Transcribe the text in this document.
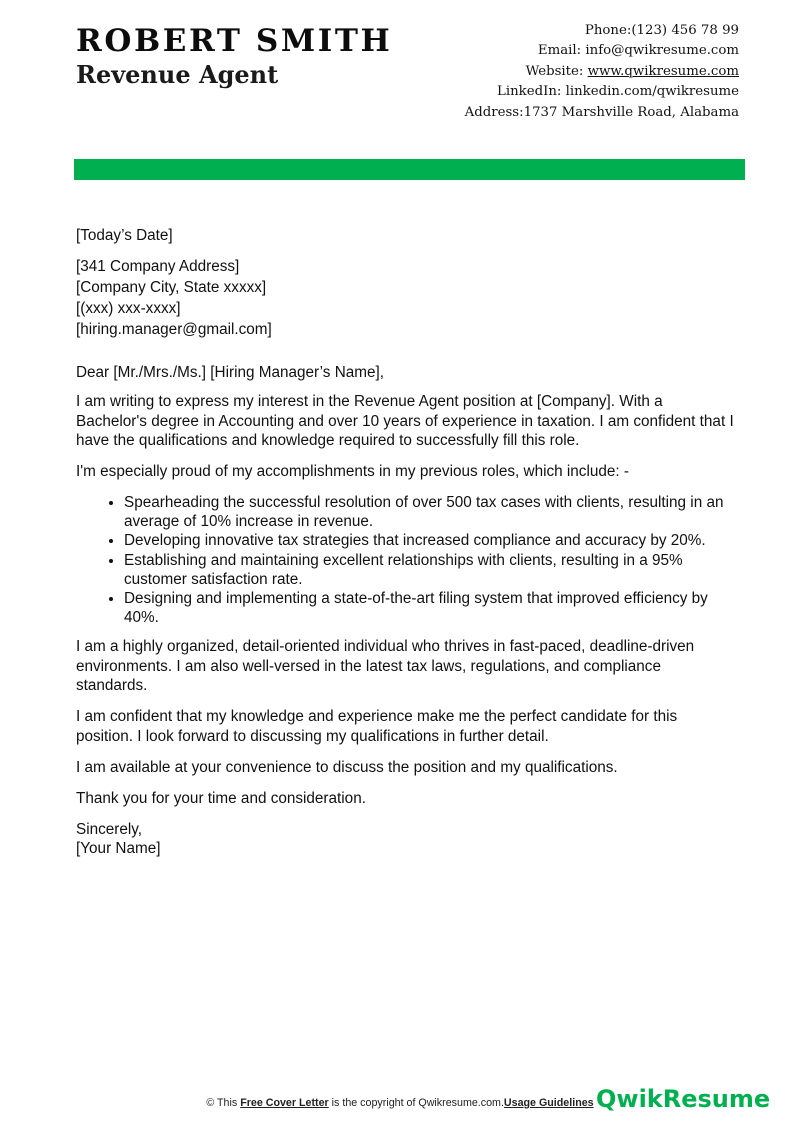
ROBERT SMITH
Revenue Agent
Phone:(123) 456 78 99
Email: info@qwikresume.com
Website: www.qwikresume.com
LinkedIn: linkedin.com/qwikresume
Address:1737 Marshville Road, Alabama

[Today’s Date]

[341 Company Address]
[Company City, State xxxxx]
[(xxx) xxx-xxxx]
[hiring.manager@gmail.com]

Dear [Mr./Mrs./Ms.] [Hiring Manager’s Name],

I am writing to express my interest in the Revenue Agent position at [Company]. With a Bachelor's degree in Accounting and over 10 years of experience in taxation. I am confident that I have the qualifications and knowledge required to successfully fill this role.

I'm especially proud of my accomplishments in my previous roles, which include: -

• Spearheading the successful resolution of over 500 tax cases with clients, resulting in an average of 10% increase in revenue.
• Developing innovative tax strategies that increased compliance and accuracy by 20%.
• Establishing and maintaining excellent relationships with clients, resulting in a 95% customer satisfaction rate.
• Designing and implementing a state-of-the-art filing system that improved efficiency by 40%.

I am a highly organized, detail-oriented individual who thrives in fast-paced, deadline-driven environments. I am also well-versed in the latest tax laws, regulations, and compliance standards.

I am confident that my knowledge and experience make me the perfect candidate for this position. I look forward to discussing my qualifications in further detail.

I am available at your convenience to discuss the position and my qualifications.

Thank you for your time and consideration.

Sincerely,
[Your Name]
QwikResume
© This Free Cover Letter is the copyright of Qwikresume.com.Usage Guidelines
